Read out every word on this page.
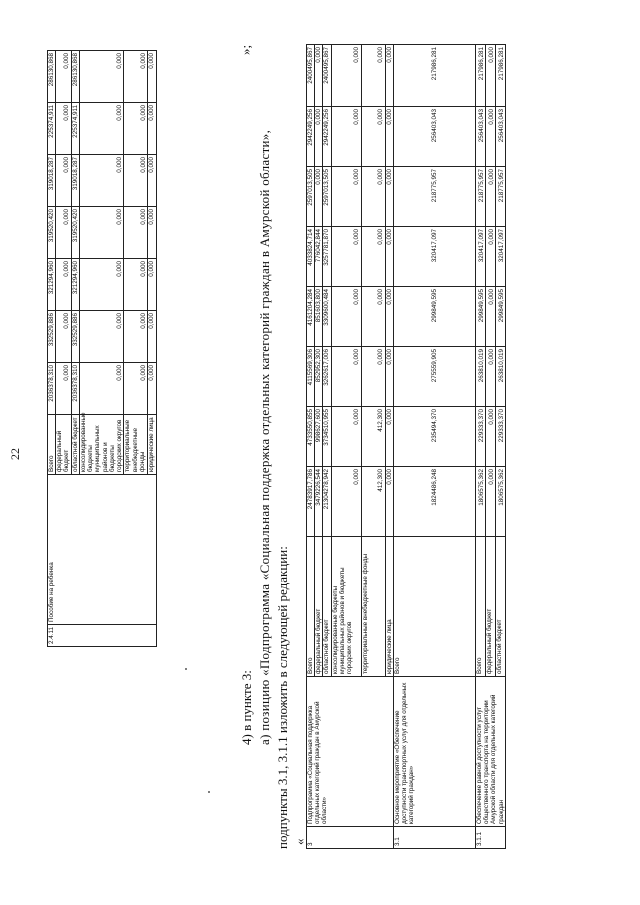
22
2.4.11	Пособие на ребенка	Всего	2036378,310	332529,886	321294,960	319520,420	319018,287	225374,911	286130,868
		федеральный бюджет	0,000	0,000	0,000	0,000	0,000	0,000	0,000
		областной бюджет	2036378,310	332529,886	321294,960	319520,420	319018,287	225374,911	286130,868
		консолидированные бюджеты муниципальных районов и бюджеты городских округов	0,000	0,000	0,000	0,000	0,000	0,000	0,000
		территориальные внебюджетные фонды	0,000	0,000	0,000	0,000	0,000	0,000	0,000
		юридические лица	0,000	0,000	0,000	0,000	0,000	0,000	0,000
4) в пункте 3: а) позицию «Подпрограмма «Социальная поддержка отдельных категорий граждан в Амурской области», подпункты 3.1, 3.1.1 изложить в следующей редакции: «
»;
3	Подпрограмма «Социальная поддержка отдельных категорий граждан в Амурской области»	Всего	24783917,786	4733550,855	4115569,306	4161204,284	4033824,714	2597013,505	2942249,256	2400495,867
		федеральный бюджет	3479226,544	998627,600	852952,300	851603,800	776042,844	0,000	0,000	0,000
		областной бюджет	21304278,942	3734510,955	3262617,006	3309600,484	3257781,870	2597013,505	2942249,256	2400495,867
		консолидированные бюджеты муниципальных районов и бюджеты городских округов	0,000	0,000	0,000	0,000	0,000	0,000	0,000	0,000
		территориальные внебюджетные фонды	412,300	412,300	0,000	0,000	0,000	0,000	0,000	0,000
		юридические лица	0,000	0,000	0,000	0,000	0,000	0,000	0,000	0,000
3.1	Основное мероприятие «Обеспечение доступности транспортных услуг для отдельных категорий граждан»	Всего	1824486,248	235494,370	275559,905	299849,595	320417,097	218775,957	256403,043	217986,281
3.1.1	Обеспечение равной доступности услуг общественного транспорта на территории Амурской области для отдельных категорий граждан	Всего	1806575,362	229333,370	263810,019	299849,595	320417,097	218775,957	256403,043	217986,281
		федеральный бюджет	0,000	0,000	0,000	0,000	0,000	0,000	0,000	0,000
		областной бюджет	1806575,362	229333,370	263810,019	299849,595	320417,097	218775,957	256403,043	217986,281
